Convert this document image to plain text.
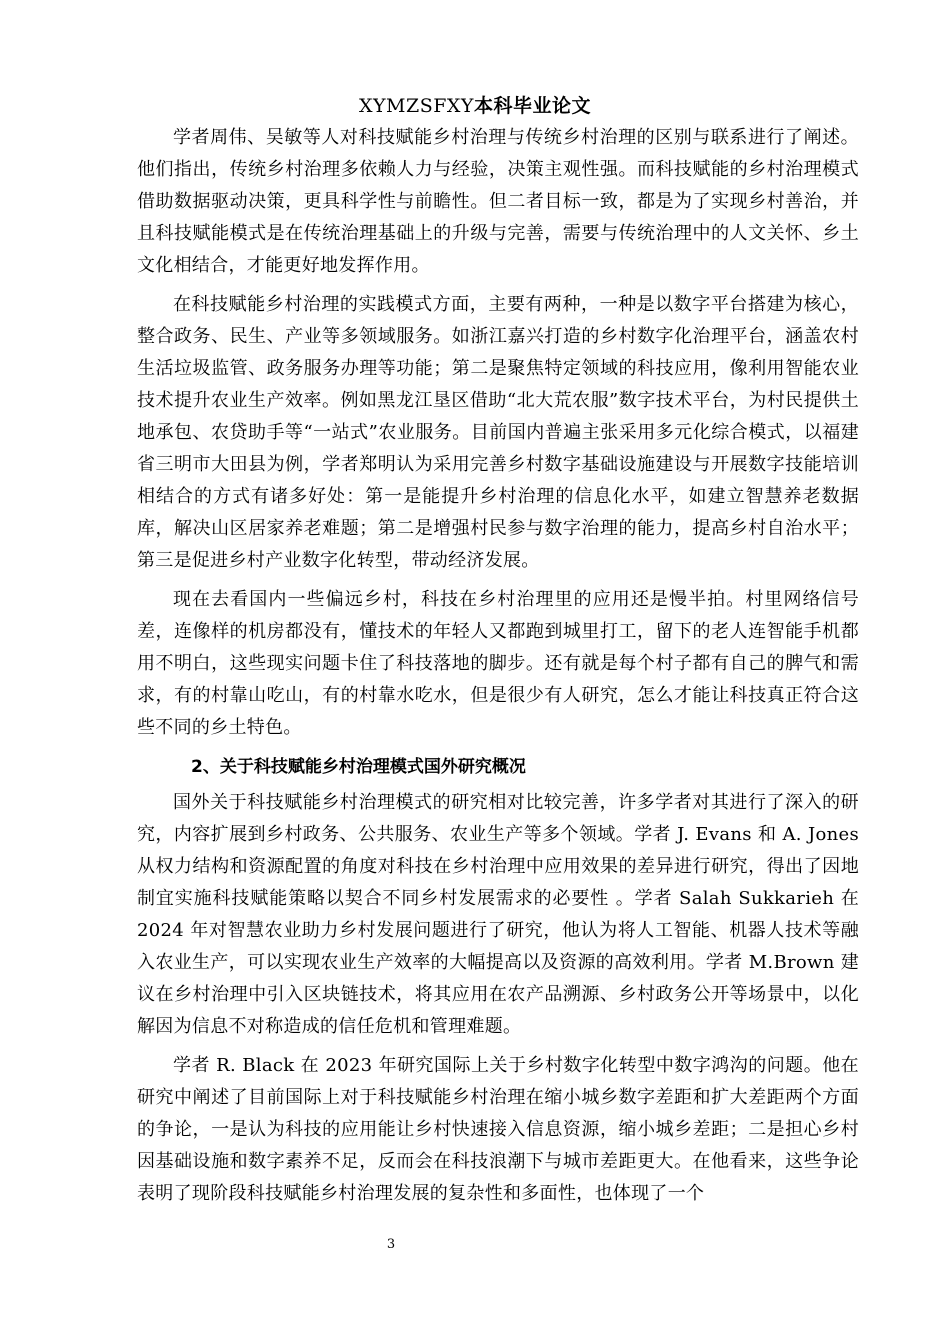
XYMZSFXY本科毕业论文

学者周伟、吴敏等人对科技赋能乡村治理与传统乡村治理的区别与联系进行了阐述。他们指出，传统乡村治理多依赖人力与经验，决策主观性强。而科技赋能的乡村治理模式借助数据驱动决策，更具科学性与前瞻性。但二者目标一致，都是为了实现乡村善治，并且科技赋能模式是在传统治理基础上的升级与完善，需要与传统治理中的人文关怀、乡土文化相结合，才能更好地发挥作用。

在科技赋能乡村治理的实践模式方面，主要有两种，一种是以数字平台搭建为核心，整合政务、民生、产业等多领域服务。如浙江嘉兴打造的乡村数字化治理平台，涵盖农村生活垃圾监管、政务服务办理等功能；第二是聚焦特定领域的科技应用，像利用智能农业技术提升农业生产效率。例如黑龙江垦区借助“北大荒农服”数字技术平台，为村民提供土地承包、农贷助手等“一站式”农业服务。目前国内普遍主张采用多元化综合模式，以福建省三明市大田县为例，学者郑明认为采用完善乡村数字基础设施建设与开展数字技能培训相结合的方式有诸多好处：第一是能提升乡村治理的信息化水平，如建立智慧养老数据库，解决山区居家养老难题；第二是增强村民参与数字治理的能力，提高乡村自治水平；第三是促进乡村产业数字化转型，带动经济发展。

现在去看国内一些偏远乡村，科技在乡村治理里的应用还是慢半拍。村里网络信号差，连像样的机房都没有，懂技术的年轻人又都跑到城里打工，留下的老人连智能手机都用不明白，这些现实问题卡住了科技落地的脚步。还有就是每个村子都有自己的脾气和需求，有的村靠山吃山，有的村靠水吃水，但是很少有人研究，怎么才能让科技真正符合这些不同的乡土特色。

2、关于科技赋能乡村治理模式国外研究概况

国外关于科技赋能乡村治理模式的研究相对比较完善，许多学者对其进行了深入的研究，内容扩展到乡村政务、公共服务、农业生产等多个领域。学者 J. Evans 和 A. Jones 从权力结构和资源配置的角度对科技在乡村治理中应用效果的差异进行研究，得出了因地制宜实施科技赋能策略以契合不同乡村发展需求的必要性 。学者 Salah Sukkarieh 在 2024 年对智慧农业助力乡村发展问题进行了研究，他认为将人工智能、机器人技术等融入农业生产，可以实现农业生产效率的大幅提高以及资源的高效利用。学者 M.Brown 建议在乡村治理中引入区块链技术，将其应用在农产品溯源、乡村政务公开等场景中，以化解因为信息不对称造成的信任危机和管理难题。

学者 R. Black 在 2023 年研究国际上关于乡村数字化转型中数字鸿沟的问题。他在研究中阐述了目前国际上对于科技赋能乡村治理在缩小城乡数字差距和扩大差距两个方面的争论，一是认为科技的应用能让乡村快速接入信息资源，缩小城乡差距；二是担心乡村因基础设施和数字素养不足，反而会在科技浪潮下与城市差距更大。在他看来，这些争论表明了现阶段科技赋能乡村治理发展的复杂性和多面性，也体现了一个

3
